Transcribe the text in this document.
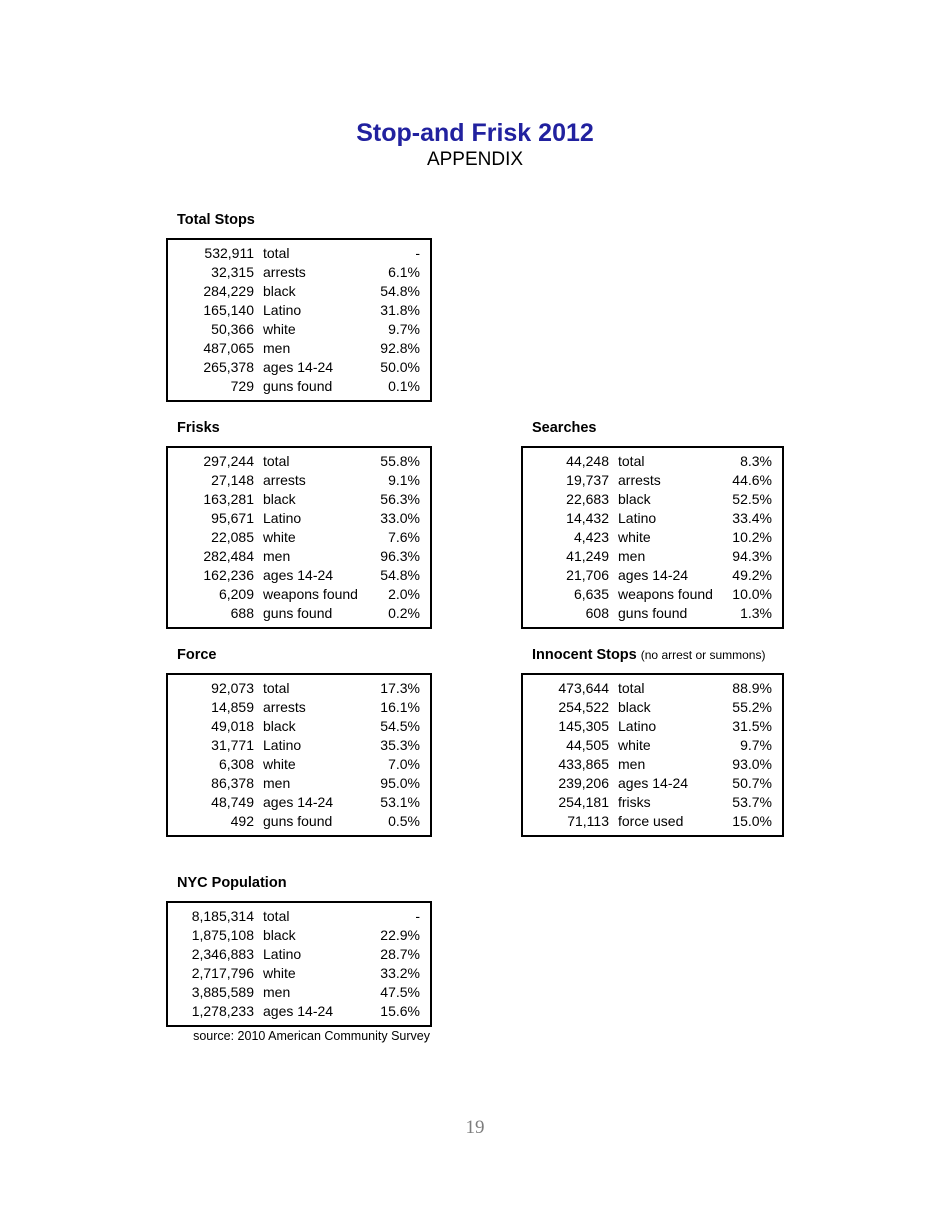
Stop-and Frisk 2012
APPENDIX
Total Stops
532,911 total	-
32,315 arrests	6.1%
284,229 black	54.8%
165,140 Latino	31.8%
50,366 white	9.7%
487,065 men	92.8%
265,378 ages 14-24	50.0%
729 guns found	0.1%
Frisks
297,244 total	55.8%
27,148 arrests	9.1%
163,281 black	56.3%
95,671 Latino	33.0%
22,085 white	7.6%
282,484 men	96.3%
162,236 ages 14-24	54.8%
6,209 weapons found	2.0%
688 guns found	0.2%
Searches
44,248 total	8.3%
19,737 arrests	44.6%
22,683 black	52.5%
14,432 Latino	33.4%
4,423 white	10.2%
41,249 men	94.3%
21,706 ages 14-24	49.2%
6,635 weapons found	10.0%
608 guns found	1.3%
Force
92,073 total	17.3%
14,859 arrests	16.1%
49,018 black	54.5%
31,771 Latino	35.3%
6,308 white	7.0%
86,378 men	95.0%
48,749 ages 14-24	53.1%
492 guns found	0.5%
Innocent Stops (no arrest or summons)
473,644 total	88.9%
254,522 black	55.2%
145,305 Latino	31.5%
44,505 white	9.7%
433,865 men	93.0%
239,206 ages 14-24	50.7%
254,181 frisks	53.7%
71,113 force used	15.0%
NYC Population
8,185,314 total	-
1,875,108 black	22.9%
2,346,883 Latino	28.7%
2,717,796 white	33.2%
3,885,589 men	47.5%
1,278,233 ages 14-24	15.6%
source: 2010 American Community Survey
19
